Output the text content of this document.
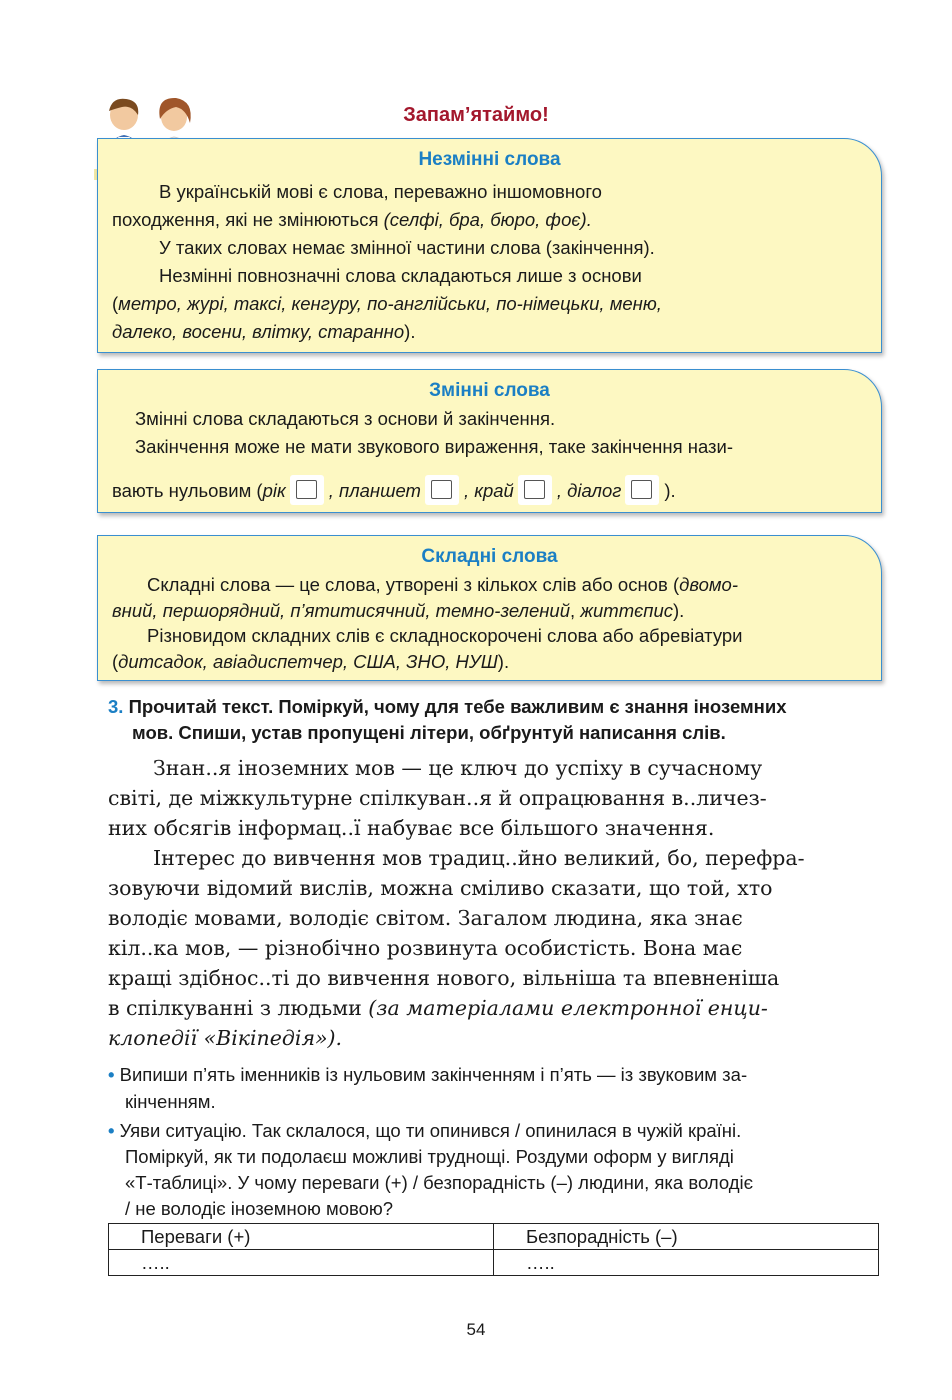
Запам’ятаймо!
Незмінні слова
В українській мові є слова, переважно іншомовного
походження, які не змінюються (селфі, бра, бюро, фоє).
У таких словах немає змінної частини слова (закінчення).
Незмінні повнозначні слова складаються лише з основи
(метро, журі, таксі, кенгуру, по-англійськи, по-німецьки, меню,
далеко, восени, влітку, старанно).
Змінні слова
Змінні слова складаються з основи й закінчення.
Закінчення може не мати звукового вираження, таке закінчення нази-
вають нульовим (рік , планшет , край , діалог ).
Складні слова
Складні слова — це слова, утворені з кількох слів або основ (двомо-
вний, першорядний, п’ятитисячний, темно-зелений, життєпис).
Різновидом складних слів є складноскорочені слова або абревіатури
(дитсадок, авіадиспетчер, США, ЗНО, НУШ).
3. Прочитай текст. Поміркуй, чому для тебе важливим є знання іноземних
мов. Спиши, устав пропущені літери, обґрунтуй написання слів.
Знан..я іноземних мов — це ключ до успіху в сучасному
світі, де міжкультурне спілкуван..я й опрацювання в..личез-
них обсягів інформац..ї набуває все більшого значення.
Інтерес до вивчення мов традиц..йно великий, бо, перефра-
зовуючи відомий вислів, можна сміливо сказати, що той, хто
володіє мовами, володіє світом. Загалом людина, яка знає
кіл..ка мов, — різнобічно розвинута особистість. Вона має
кращі здібнос..ті до вивчення нового, вільніша та впевненіша
в спілкуванні з людьми (за матеріалами електронної енци-
клопедії «Вікіпедія»).
• Випиши п’ять іменників із нульовим закінченням і п’ять — із звуковим за-
кінченням.
• Уяви ситуацію. Так склалося, що ти опинився / опинилася в чужій країні.
Поміркуй, як ти подолаєш можливі труднощі. Роздуми оформ у вигляді
«Т-таблиці». У чому переваги (+) / безпорадність (–) людини, яка володіє
/ не володіє іноземною мовою?
Переваги (+)	Безпорадність (–)
…..	…..
54
